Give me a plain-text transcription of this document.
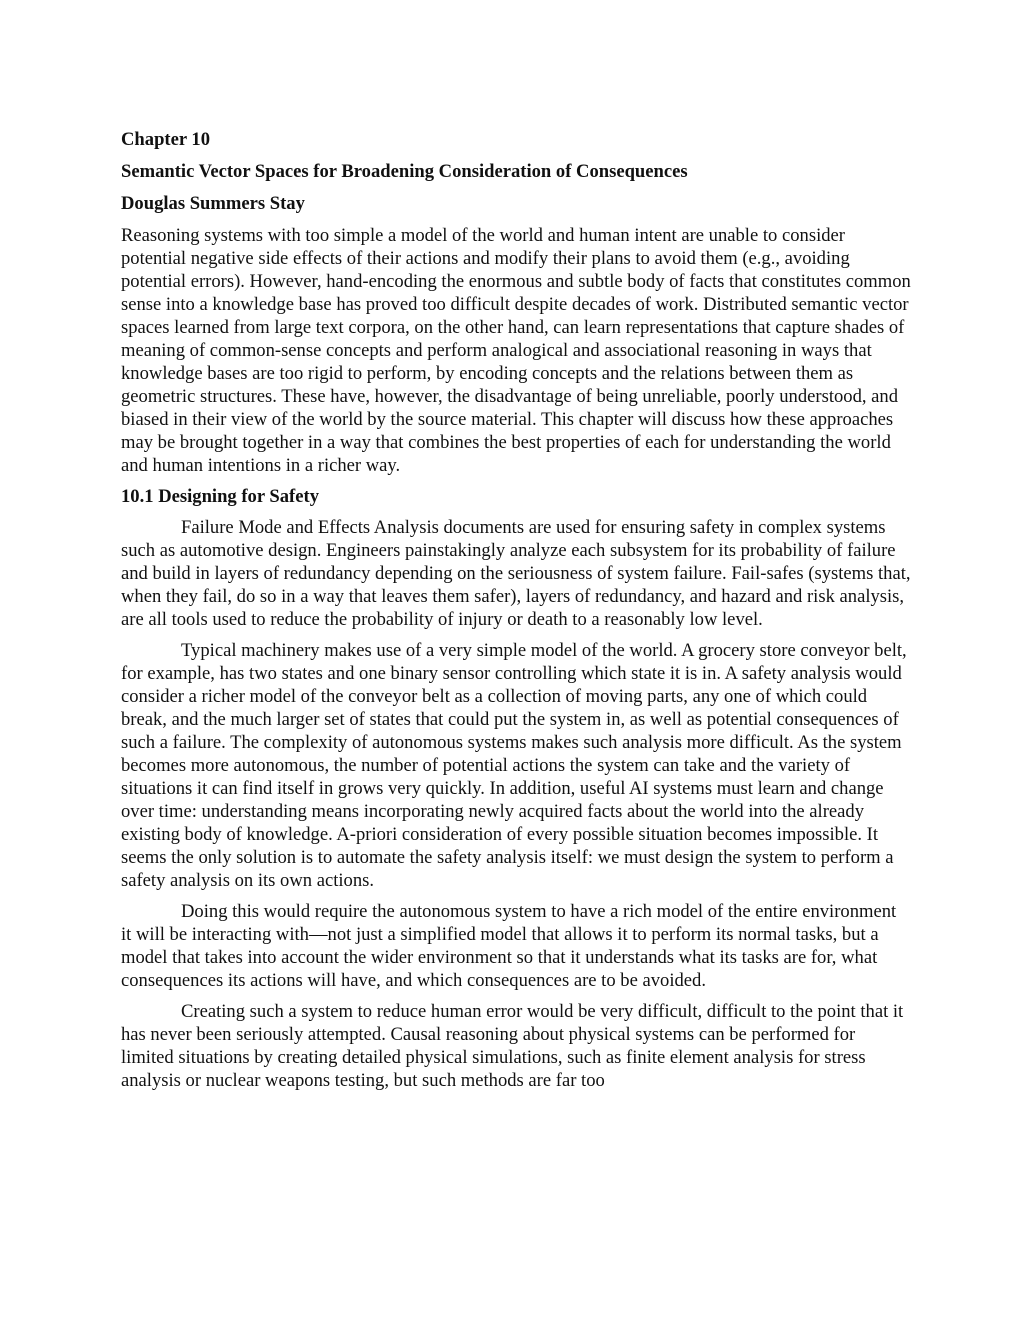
Chapter 10
Semantic Vector Spaces for Broadening Consideration of Consequences
Douglas Summers Stay

Reasoning systems with too simple a model of the world and human intent are unable to consider potential negative side effects of their actions and modify their plans to avoid them (e.g., avoiding potential errors). However, hand-encoding the enormous and subtle body of facts that constitutes common sense into a knowledge base has proved too difficult despite decades of work. Distributed semantic vector spaces learned from large text corpora, on the other hand, can learn representations that capture shades of meaning of common-sense concepts and perform analogical and associational reasoning in ways that knowledge bases are too rigid to perform, by encoding concepts and the relations between them as geometric structures. These have, however, the disadvantage of being unreliable, poorly understood, and biased in their view of the world by the source material. This chapter will discuss how these approaches may be brought together in a way that combines the best properties of each for understanding the world and human intentions in a richer way.

10.1 Designing for Safety

Failure Mode and Effects Analysis documents are used for ensuring safety in complex systems such as automotive design. Engineers painstakingly analyze each subsystem for its probability of failure and build in layers of redundancy depending on the seriousness of system failure. Fail-safes (systems that, when they fail, do so in a way that leaves them safer), layers of redundancy, and hazard and risk analysis, are all tools used to reduce the probability of injury or death to a reasonably low level.

Typical machinery makes use of a very simple model of the world. A grocery store conveyor belt, for example, has two states and one binary sensor controlling which state it is in. A safety analysis would consider a richer model of the conveyor belt as a collection of moving parts, any one of which could break, and the much larger set of states that could put the system in, as well as potential consequences of such a failure. The complexity of autonomous systems makes such analysis more difficult. As the system becomes more autonomous, the number of potential actions the system can take and the variety of situations it can find itself in grows very quickly. In addition, useful AI systems must learn and change over time: understanding means incorporating newly acquired facts about the world into the already existing body of knowledge. A-priori consideration of every possible situation becomes impossible. It seems the only solution is to automate the safety analysis itself: we must design the system to perform a safety analysis on its own actions.

Doing this would require the autonomous system to have a rich model of the entire environment it will be interacting with—not just a simplified model that allows it to perform its normal tasks, but a model that takes into account the wider environment so that it understands what its tasks are for, what consequences its actions will have, and which consequences are to be avoided.

Creating such a system to reduce human error would be very difficult, difficult to the point that it has never been seriously attempted. Causal reasoning about physical systems can be performed for limited situations by creating detailed physical simulations, such as finite element analysis for stress analysis or nuclear weapons testing, but such methods are far too
